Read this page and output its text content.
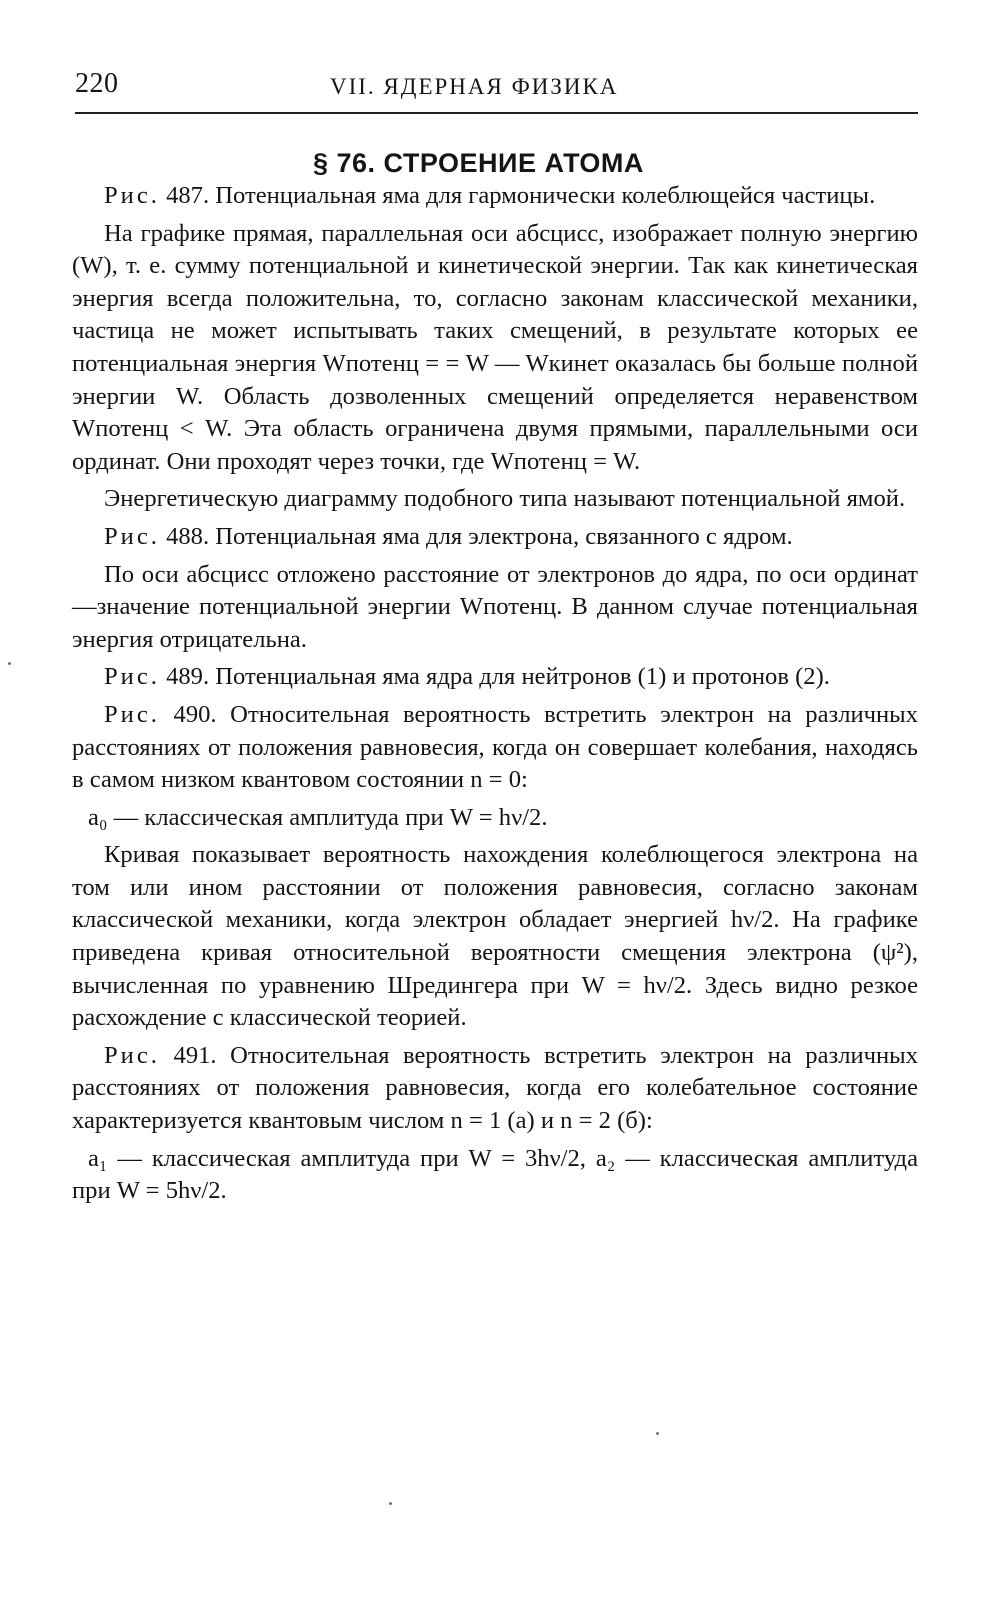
220	VII. ЯДЕРНАЯ ФИЗИКА
§ 76. СТРОЕНИЕ АТОМА

Рис. 487. Потенциальная яма для гармонически колеблющейся частицы.

На графике прямая, параллельная оси абсцисс, изображает полную энергию (W), т. е. сумму потенциальной и кинетической энергии. Так как кинетическая энергия всегда положительна, то, согласно законам классической механики, частица не может испытывать таких смещений, в результате которых ее потенциальная энергия Wпотенц = = W — Wкинет оказалась бы больше полной энергии W. Область дозволенных смещений определяется неравенством Wпотенц < W. Эта область ограничена двумя прямыми, параллельными оси ординат. Они проходят через точки, где Wпотенц = W.

Энергетическую диаграмму подобного типа называют потенциальной ямой.

Рис. 488. Потенциальная яма для электрона, связанного с ядром.

По оси абсцисс отложено расстояние от электронов до ядра, по оси ординат—значение потенциальной энергии Wпотенц. В данном случае потенциальная энергия отрицательна.

Рис. 489. Потенциальная яма ядра для нейтронов (1) и протонов (2).

Рис. 490. Относительная вероятность встретить электрон на различных расстояниях от положения равновесия, когда он совершает колебания, находясь в самом низком квантовом состоянии n = 0:

a₀ — классическая амплитуда при W = hν/2.

Кривая показывает вероятность нахождения колеблющегося электрона на том или ином расстоянии от положения равновесия, согласно законам классической механики, когда электрон обладает энергией hν/2. На графике приведена кривая относительной вероятности смещения электрона (ψ²), вычисленная по уравнению Шредингера при W = hν/2. Здесь видно резкое расхождение с классической теорией.

Рис. 491. Относительная вероятность встретить электрон на различных расстояниях от положения равновесия, когда его колебательное состояние характеризуется квантовым числом n = 1 (а) и n = 2 (б):

a₁ — классическая амплитуда при W = 3hν/2, a₂ — классическая амплитуда при W = 5hν/2.
